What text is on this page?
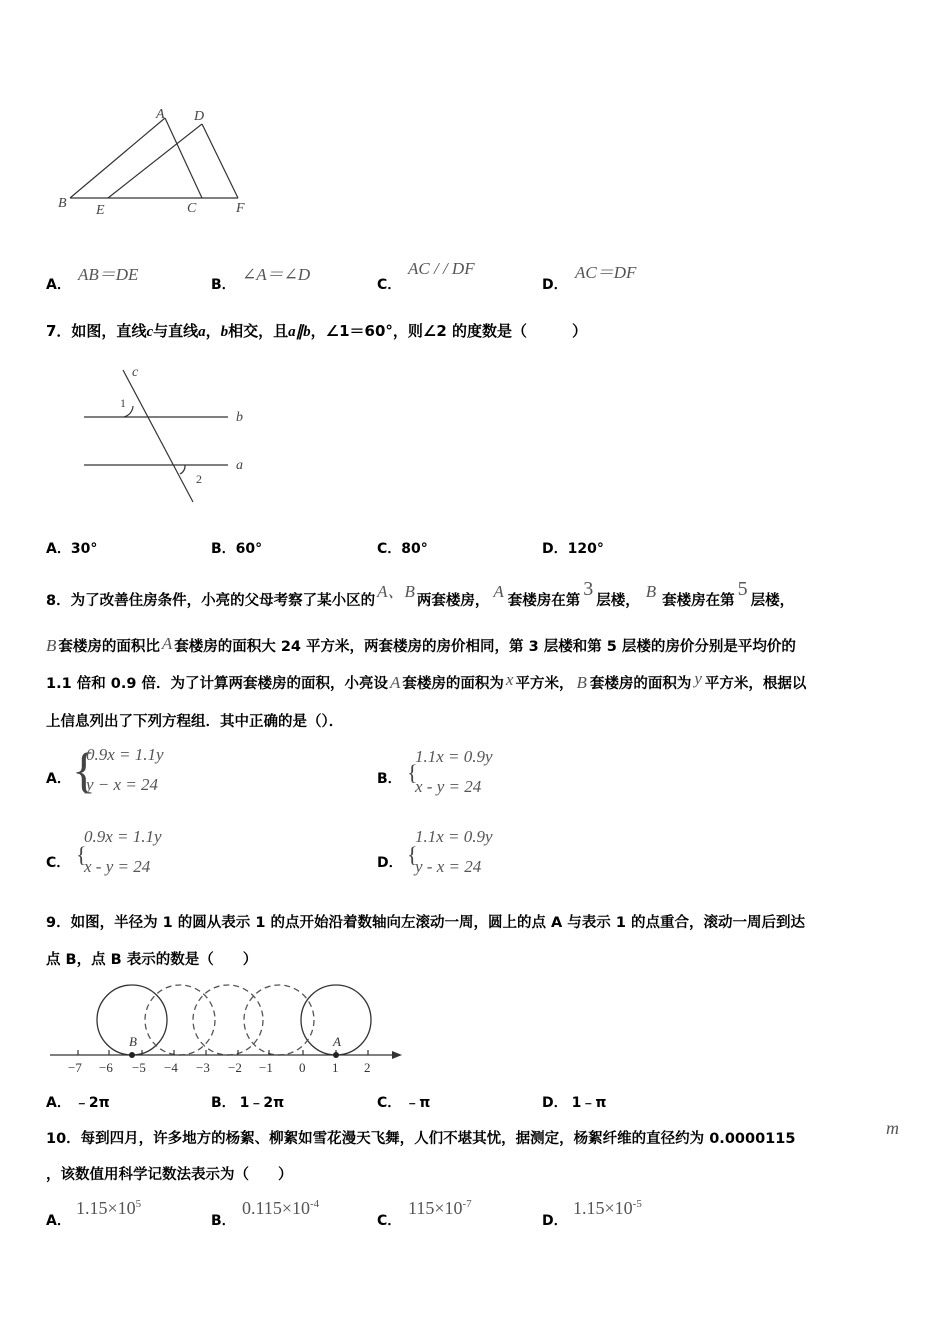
A D
B E	C	F
A．
AB＝DE
B．
∠A＝∠D
C．
AC / / DF
D．
AC＝DF
7．如图，直线c与直线a，b相交，且a∥b，∠1＝60°，则∠2 的度数是（　　　）
c
b
a
1
2
A．30°	B．60°	C．80°	D．120°
8．为了改善住房条件，小亮的父母考察了某小区的 A、B 两套楼房， A 套楼房在第3层楼， B 套楼房在第5层楼，
B 套楼房的面积比 A 套楼房的面积大 24 平方米，两套楼房的房价相同，第 3 层楼和第 5 层楼的房价分别是平均价的
1.1 倍和 0.9 倍．为了计算两套楼房的面积，小亮设 A 套楼房的面积为 x 平方米， B 套楼房的面积为 y 平方米，根据以
上信息列出了下列方程组．其中正确的是（）．
A． {
0.9x = 1.1y
y − x = 24	B． {
1.1x = 0.9y
x - y = 24
C． {
0.9x = 1.1y
x - y = 24	D． {
1.1x = 0.9y
y - x = 24
9．如图，半径为 1 的圆从表示 1 的点开始沿着数轴向左滚动一周，圆上的点 A 与表示 1 的点重合，滚动一周后到达
点 B，点 B 表示的数是（　　）
B	A
−7 −6 −5 −4 −3 −2 −1 0 1 2
A． ﹣2π	B． 1﹣2π	C． ﹣π	D． 1﹣π
10．每到四月，许多地方的杨絮、柳絮如雪花漫天飞舞，人们不堪其忧，据测定，杨絮纤维的直径约为 0.0000115
m
，该数值用科学记数法表示为（　　）
A．
$1.15\times 10^5$
B．
$0.115\times 10^{-4}$
C．
$115\times 10^{-7}$
D．
$1.15\times 10^{-5}$
